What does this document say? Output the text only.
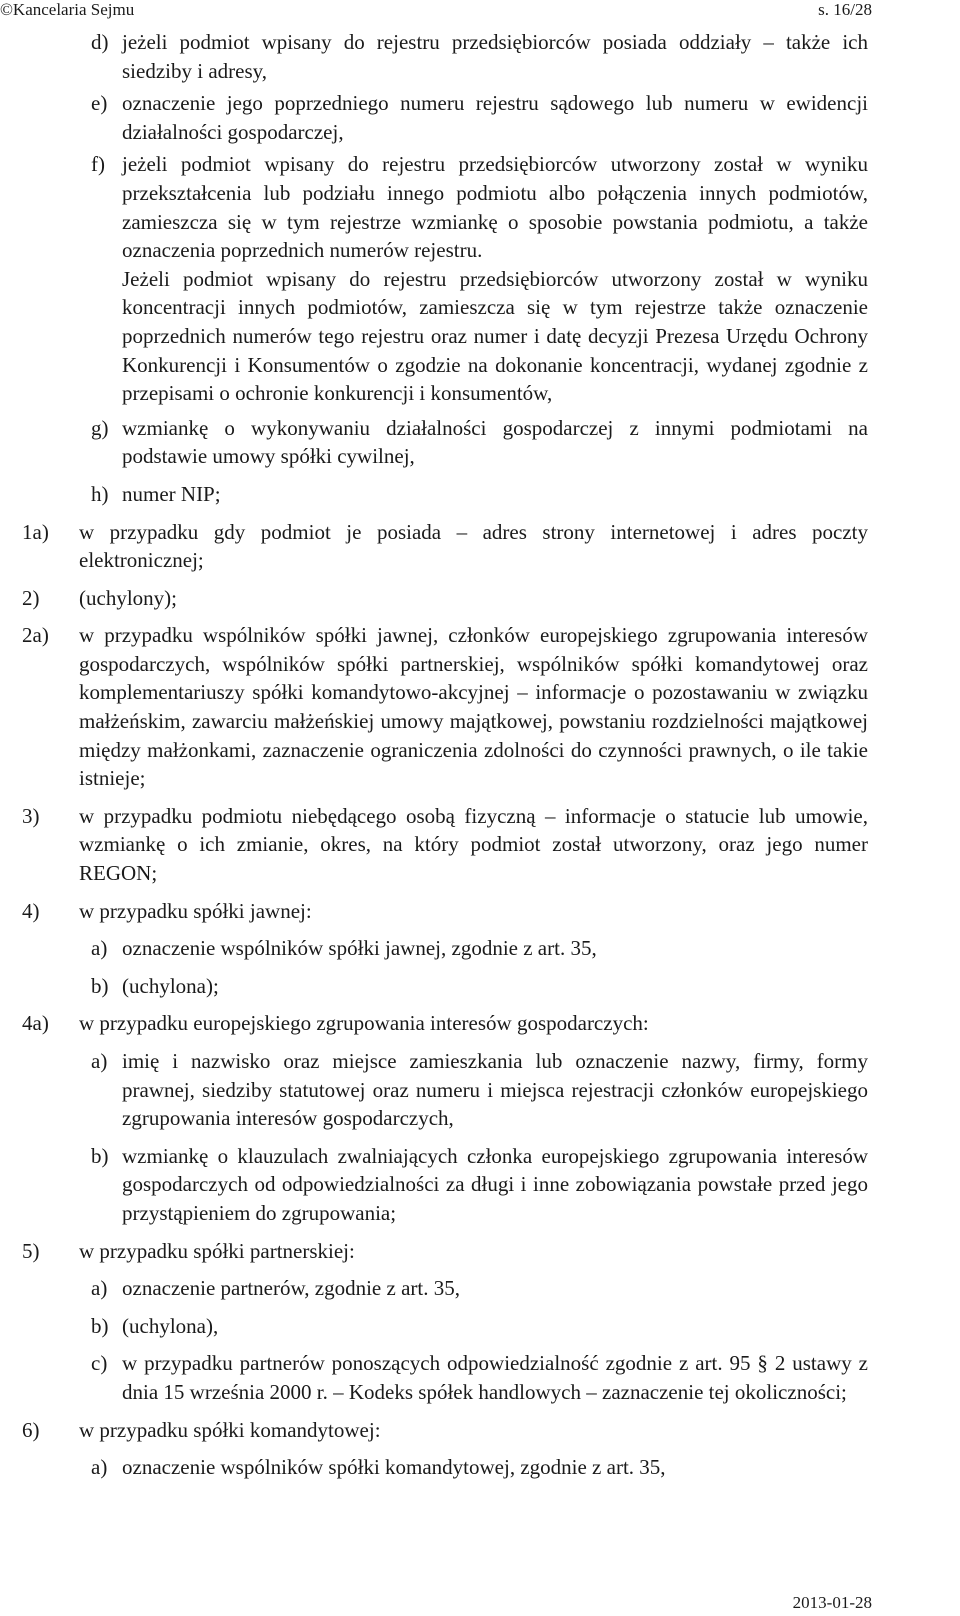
©Kancelaria Sejmu	s. 16/28
d) jeżeli podmiot wpisany do rejestru przedsiębiorców posiada oddziały – także ich siedziby i adresy,
e) oznaczenie jego poprzedniego numeru rejestru sądowego lub numeru w ewidencji działalności gospodarczej,
f) jeżeli podmiot wpisany do rejestru przedsiębiorców utworzony został w wyniku przekształcenia lub podziału innego podmiotu albo połączenia innych podmiotów, zamieszcza się w tym rejestrze wzmiankę o sposobie powstania podmiotu, a także oznaczenia poprzednich numerów rejestru.
Jeżeli podmiot wpisany do rejestru przedsiębiorców utworzony został w wyniku koncentracji innych podmiotów, zamieszcza się w tym rejestrze także oznaczenie poprzednich numerów tego rejestru oraz numer i datę decyzji Prezesa Urzędu Ochrony Konkurencji i Konsumentów o zgodzie na dokonanie koncentracji, wydanej zgodnie z przepisami o ochronie konkurencji i konsumentów,
g) wzmiankę o wykonywaniu działalności gospodarczej z innymi podmiotami na podstawie umowy spółki cywilnej,
h) numer NIP;
1a) w przypadku gdy podmiot je posiada – adres strony internetowej i adres poczty elektronicznej;
2) (uchylony);
2a) w przypadku wspólników spółki jawnej, członków europejskiego zgrupowania interesów gospodarczych, wspólników spółki partnerskiej, wspólników spółki komandytowej oraz komplementariuszy spółki komandytowo-akcyjnej – informacje o pozostawaniu w związku małżeńskim, zawarciu małżeńskiej umowy majątkowej, powstaniu rozdzielności majątkowej między małżonkami, zaznaczenie ograniczenia zdolności do czynności prawnych, o ile takie istnieje;
3) w przypadku podmiotu niebędącego osobą fizyczną – informacje o statucie lub umowie, wzmiankę o ich zmianie, okres, na który podmiot został utworzony, oraz jego numer REGON;
4) w przypadku spółki jawnej:
a) oznaczenie wspólników spółki jawnej, zgodnie z art. 35,
b) (uchylona);
4a) w przypadku europejskiego zgrupowania interesów gospodarczych:
a) imię i nazwisko oraz miejsce zamieszkania lub oznaczenie nazwy, firmy, formy prawnej, siedziby statutowej oraz numeru i miejsca rejestracji członków europejskiego zgrupowania interesów gospodarczych,
b) wzmiankę o klauzulach zwalniających członka europejskiego zgrupowania interesów gospodarczych od odpowiedzialności za długi i inne zobowiązania powstałe przed jego przystąpieniem do zgrupowania;
5) w przypadku spółki partnerskiej:
a) oznaczenie partnerów, zgodnie z art. 35,
b) (uchylona),
c) w przypadku partnerów ponoszących odpowiedzialność zgodnie z art. 95 § 2 ustawy z dnia 15 września 2000 r. – Kodeks spółek handlowych – zaznaczenie tej okoliczności;
6) w przypadku spółki komandytowej:
a) oznaczenie wspólników spółki komandytowej, zgodnie z art. 35,
2013-01-28
